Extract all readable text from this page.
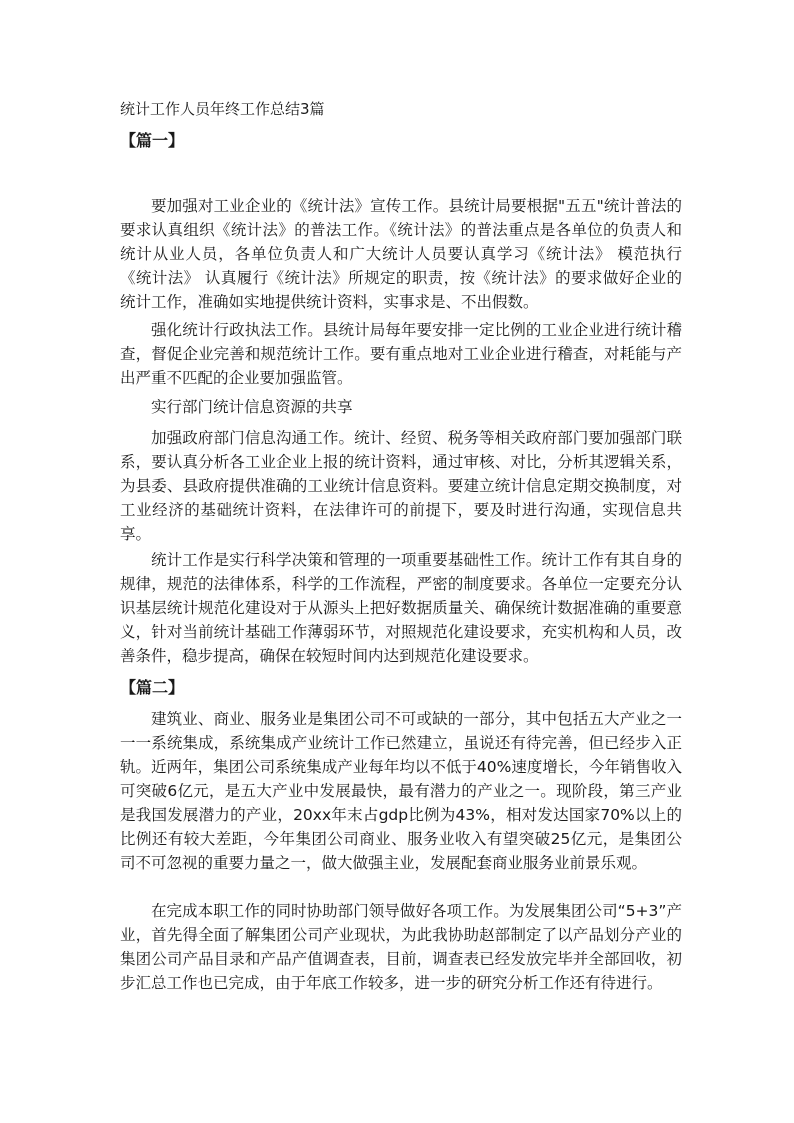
统计工作人员年终工作总结3篇
【篇一】

要加强对工业企业的《统计法》宣传工作。县统计局要根据"五五"统计普法的要求认真组织《统计法》的普法工作。《统计法》的普法重点是各单位的负责人和统计从业人员，各单位负责人和广大统计人员要认真学习《统计法》 模范执行《统计法》 认真履行《统计法》所规定的职责，按《统计法》的要求做好企业的统计工作，准确如实地提供统计资料，实事求是、不出假数。

强化统计行政执法工作。县统计局每年要安排一定比例的工业企业进行统计稽查，督促企业完善和规范统计工作。要有重点地对工业企业进行稽查，对耗能与产出严重不匹配的企业要加强监管。

实行部门统计信息资源的共享

加强政府部门信息沟通工作。统计、经贸、税务等相关政府部门要加强部门联系，要认真分析各工业企业上报的统计资料，通过审核、对比，分析其逻辑关系，为县委、县政府提供准确的工业统计信息资料。要建立统计信息定期交换制度，对工业经济的基础统计资料，在法律许可的前提下，要及时进行沟通，实现信息共享。

统计工作是实行科学决策和管理的一项重要基础性工作。统计工作有其自身的规律，规范的法律体系，科学的工作流程，严密的制度要求。各单位一定要充分认识基层统计规范化建设对于从源头上把好数据质量关、确保统计数据准确的重要意义，针对当前统计基础工作薄弱环节，对照规范化建设要求，充实机构和人员，改善条件，稳步提高，确保在较短时间内达到规范化建设要求。

【篇二】

建筑业、商业、服务业是集团公司不可或缺的一部分，其中包括五大产业之一一一系统集成，系统集成产业统计工作已然建立，虽说还有待完善，但已经步入正轨。近两年，集团公司系统集成产业每年均以不低于40%速度增长，今年销售收入可突破6亿元，是五大产业中发展最快，最有潜力的产业之一。现阶段，第三产业是我国发展潜力的产业，20xx年末占gdp比例为43%，相对发达国家70%以上的比例还有较大差距，今年集团公司商业、服务业收入有望突破25亿元，是集团公司不可忽视的重要力量之一，做大做强主业，发展配套商业服务业前景乐观。

在完成本职工作的同时协助部门领导做好各项工作。为发展集团公司“5+3”产业，首先得全面了解集团公司产业现状，为此我协助赵部制定了以产品划分产业的集团公司产品目录和产品产值调查表，目前，调查表已经发放完毕并全部回收，初步汇总工作也已完成，由于年底工作较多，进一步的研究分析工作还有待进行。
